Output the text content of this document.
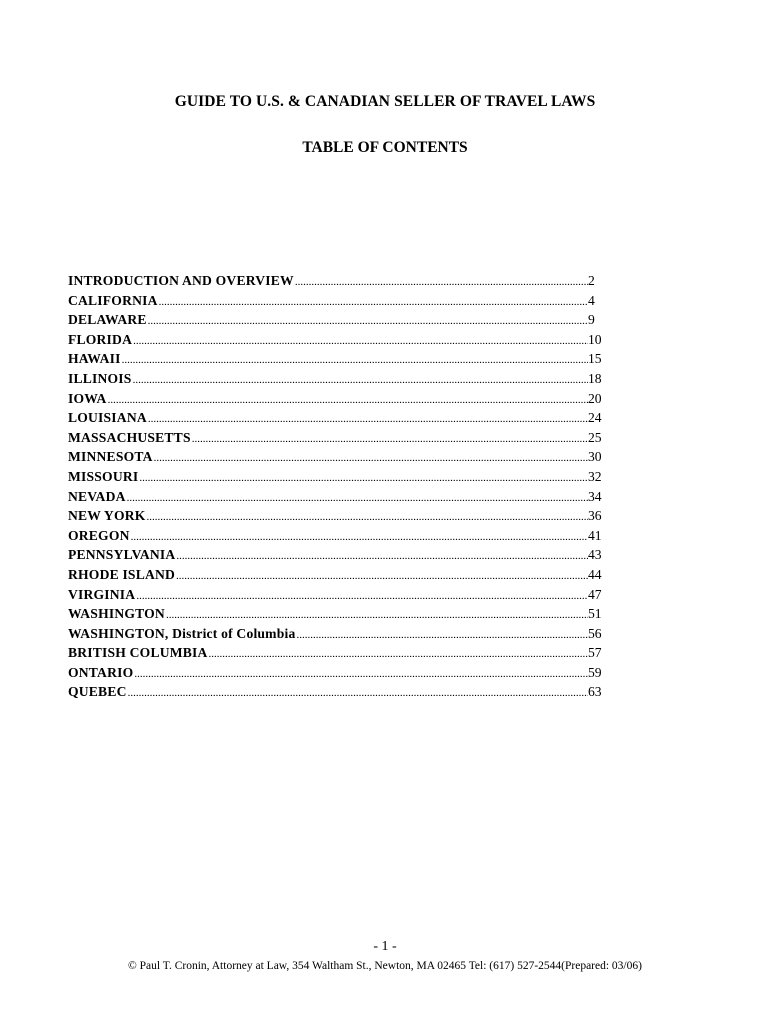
GUIDE TO U.S. & CANADIAN SELLER OF TRAVEL LAWS
TABLE OF CONTENTS
INTRODUCTION AND OVERVIEW .....	2
CALIFORNIA .....	4
DELAWARE .....	9
FLORIDA .....	10
HAWAII .....	15
ILLINOIS .....	18
IOWA .....	20
LOUISIANA .....	24
MASSACHUSETTS .....	25
MINNESOTA .....	30
MISSOURI .....	32
NEVADA .....	34
NEW YORK .....	36
OREGON .....	41
PENNSYLVANIA .....	43
RHODE ISLAND .....	44
VIRGINIA .....	47
WASHINGTON .....	51
WASHINGTON, District of Columbia .....	56
BRITISH COLUMBIA .....	57
ONTARIO .....	59
QUEBEC .....	63
- 1 -
© Paul T. Cronin, Attorney at Law, 354 Waltham St., Newton, MA 02465 Tel: (617) 527-2544(Prepared: 03/06)
